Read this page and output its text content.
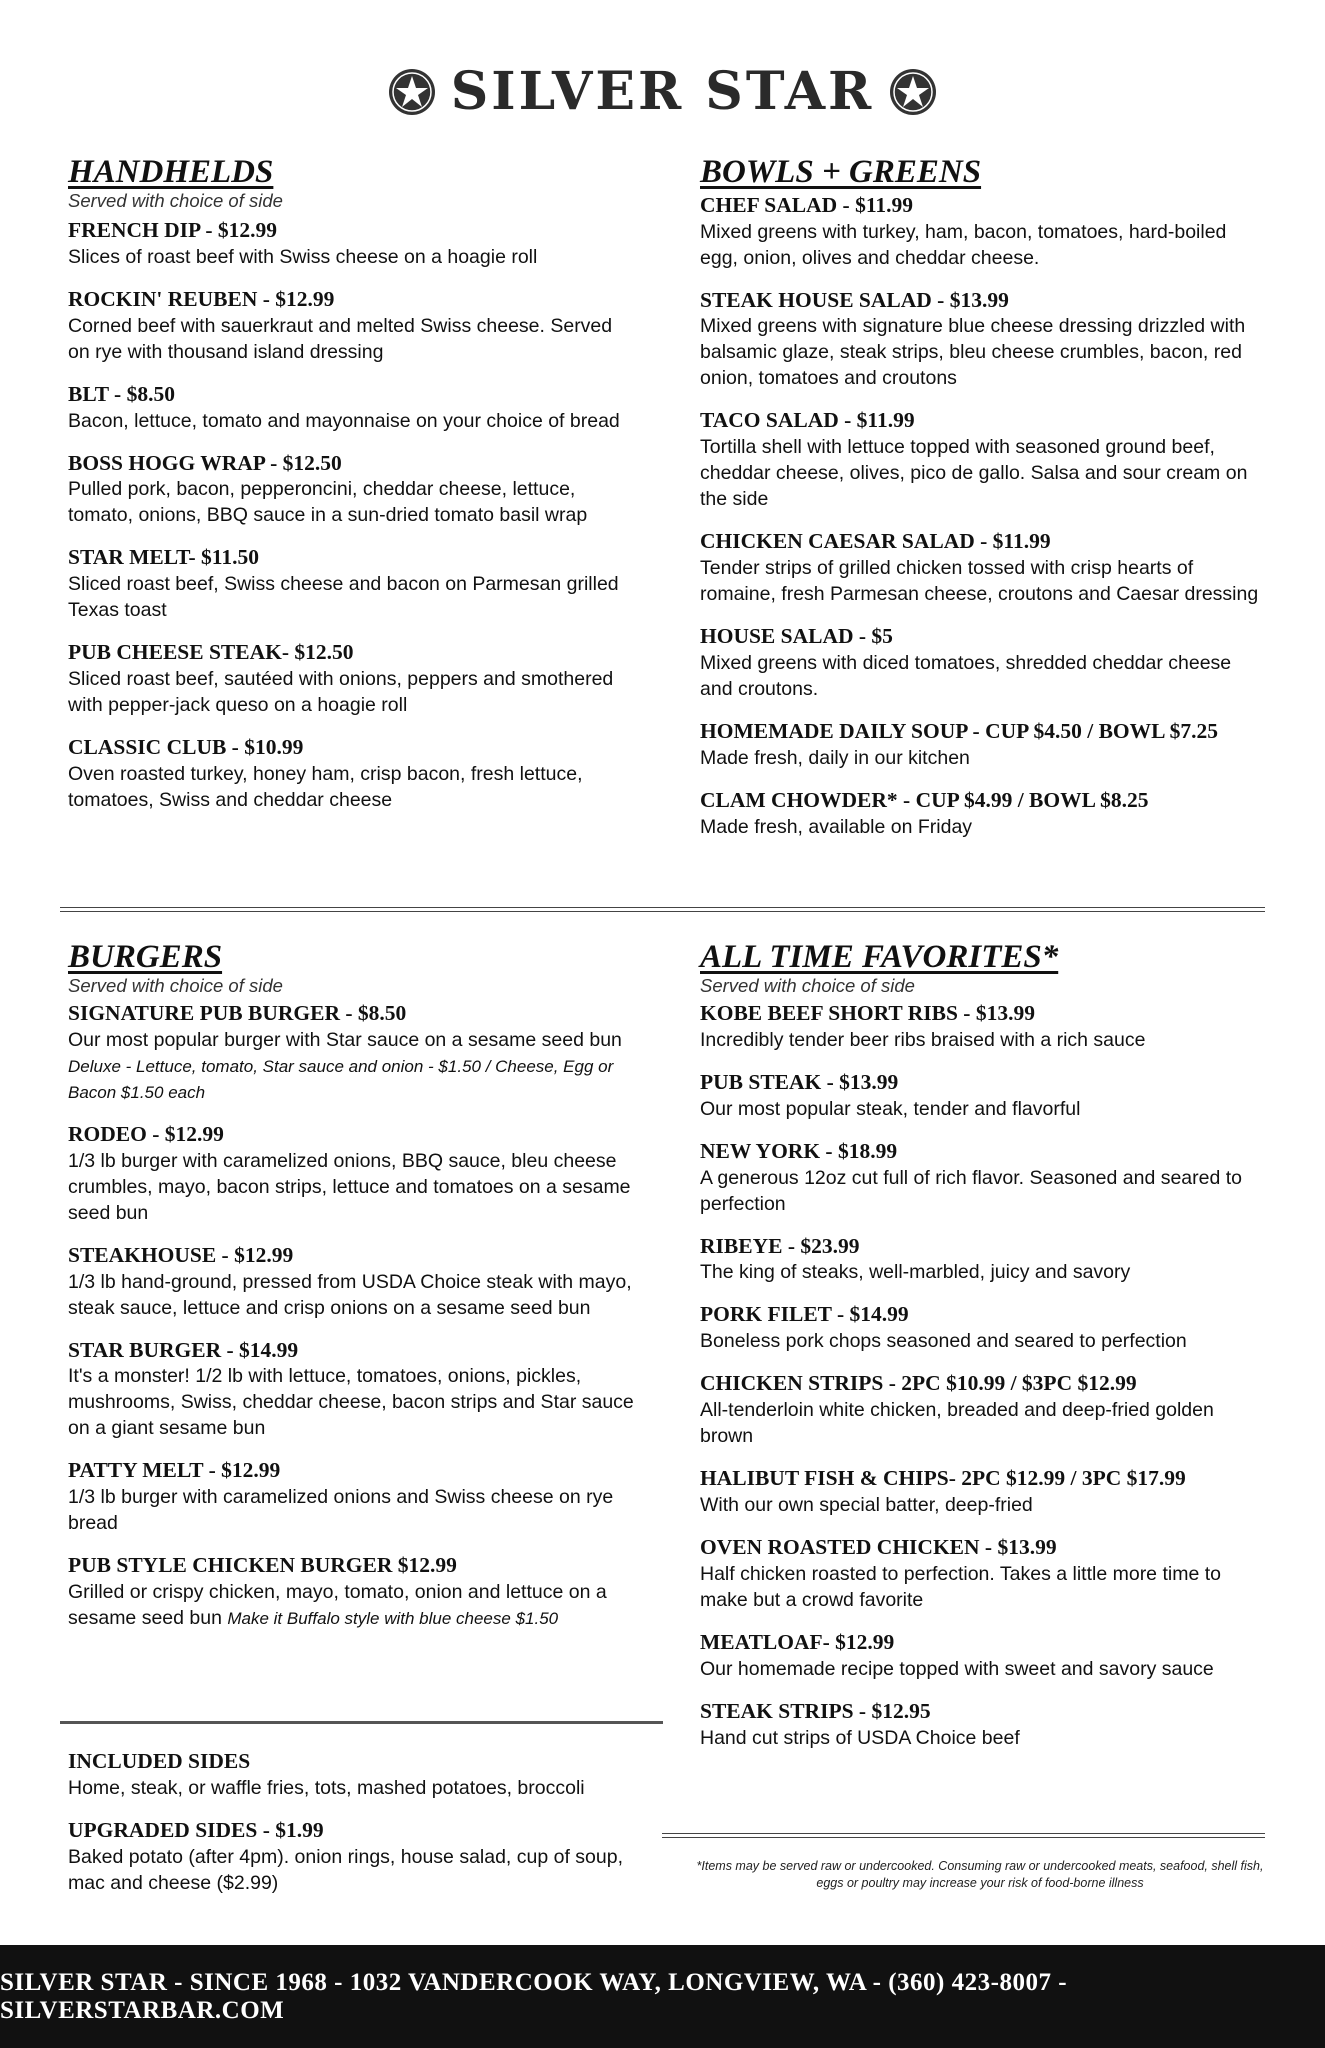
SILVER STAR
HANDHELDS
Served with choice of side
FRENCH DIP - $12.99
Slices of roast beef with Swiss cheese on a hoagie roll
ROCKIN' REUBEN - $12.99
Corned beef with sauerkraut and melted Swiss cheese. Served on rye with thousand island dressing
BLT - $8.50
Bacon, lettuce, tomato and mayonnaise on your choice of bread
BOSS HOGG WRAP - $12.50
Pulled pork, bacon, pepperoncini, cheddar cheese, lettuce, tomato, onions, BBQ sauce in a sun-dried tomato basil wrap
STAR MELT- $11.50
Sliced roast beef, Swiss cheese and bacon on Parmesan grilled Texas toast
PUB CHEESE STEAK- $12.50
Sliced roast beef, sautéed with onions, peppers and smothered with pepper-jack queso on a hoagie roll
CLASSIC CLUB - $10.99
Oven roasted turkey, honey ham, crisp bacon, fresh lettuce, tomatoes, Swiss and cheddar cheese
BOWLS + GREENS
CHEF SALAD - $11.99
Mixed greens with turkey, ham, bacon, tomatoes, hard-boiled egg, onion, olives and cheddar cheese.
STEAK HOUSE SALAD - $13.99
Mixed greens with signature blue cheese dressing drizzled with balsamic glaze, steak strips, bleu cheese crumbles, bacon, red onion, tomatoes and croutons
TACO SALAD - $11.99
Tortilla shell with lettuce topped with seasoned ground beef, cheddar cheese, olives, pico de gallo. Salsa and sour cream on the side
CHICKEN CAESAR SALAD - $11.99
Tender strips of grilled chicken tossed with crisp hearts of romaine, fresh Parmesan cheese, croutons and Caesar dressing
HOUSE SALAD - $5
Mixed greens with diced tomatoes, shredded cheddar cheese and croutons.
HOMEMADE DAILY SOUP - CUP $4.50 / BOWL $7.25
Made fresh, daily in our kitchen
CLAM CHOWDER* - CUP $4.99 / BOWL $8.25
Made fresh, available on Friday
BURGERS
Served with choice of side
SIGNATURE PUB BURGER - $8.50
Our most popular burger with Star sauce on a sesame seed bun Deluxe - Lettuce, tomato, Star sauce and onion - $1.50 / Cheese, Egg or Bacon $1.50 each
RODEO - $12.99
1/3 lb burger with caramelized onions, BBQ sauce, bleu cheese crumbles, mayo, bacon strips, lettuce and tomatoes on a sesame seed bun
STEAKHOUSE - $12.99
1/3 lb hand-ground, pressed from USDA Choice steak with mayo, steak sauce, lettuce and crisp onions on a sesame seed bun
STAR BURGER - $14.99
It's a monster! 1/2 lb with lettuce, tomatoes, onions, pickles, mushrooms, Swiss, cheddar cheese, bacon strips and Star sauce on a giant sesame bun
PATTY MELT - $12.99
1/3 lb burger with caramelized onions and Swiss cheese on rye bread
PUB STYLE CHICKEN BURGER $12.99
Grilled or crispy chicken, mayo, tomato, onion and lettuce on a sesame seed bun Make it Buffalo style with blue cheese $1.50
INCLUDED SIDES
Home, steak, or waffle fries, tots, mashed potatoes, broccoli
UPGRADED SIDES - $1.99
Baked potato (after 4pm). onion rings, house salad, cup of soup, mac and cheese ($2.99)
ALL TIME FAVORITES*
Served with choice of side
KOBE BEEF SHORT RIBS - $13.99
Incredibly tender beer ribs braised with a rich sauce
PUB STEAK - $13.99
Our most popular steak, tender and flavorful
NEW YORK - $18.99
A generous 12oz cut full of rich flavor. Seasoned and seared to perfection
RIBEYE - $23.99
The king of steaks, well-marbled, juicy and savory
PORK FILET - $14.99
Boneless pork chops seasoned and seared to perfection
CHICKEN STRIPS - 2PC $10.99 / $3PC $12.99
All-tenderloin white chicken, breaded and deep-fried golden brown
HALIBUT FISH & CHIPS- 2PC $12.99 / 3PC $17.99
With our own special batter, deep-fried
OVEN ROASTED CHICKEN - $13.99
Half chicken roasted to perfection. Takes a little more time to make but a crowd favorite
MEATLOAF- $12.99
Our homemade recipe topped with sweet and savory sauce
STEAK STRIPS - $12.95
Hand cut strips of USDA Choice beef
*Items may be served raw or undercooked. Consuming raw or undercooked meats, seafood, shell fish, eggs or poultry may increase your risk of food-borne illness
SILVER STAR - SINCE 1968 - 1032 VANDERCOOK WAY, LONGVIEW, WA - (360) 423-8007 - SILVERSTARBAR.COM
